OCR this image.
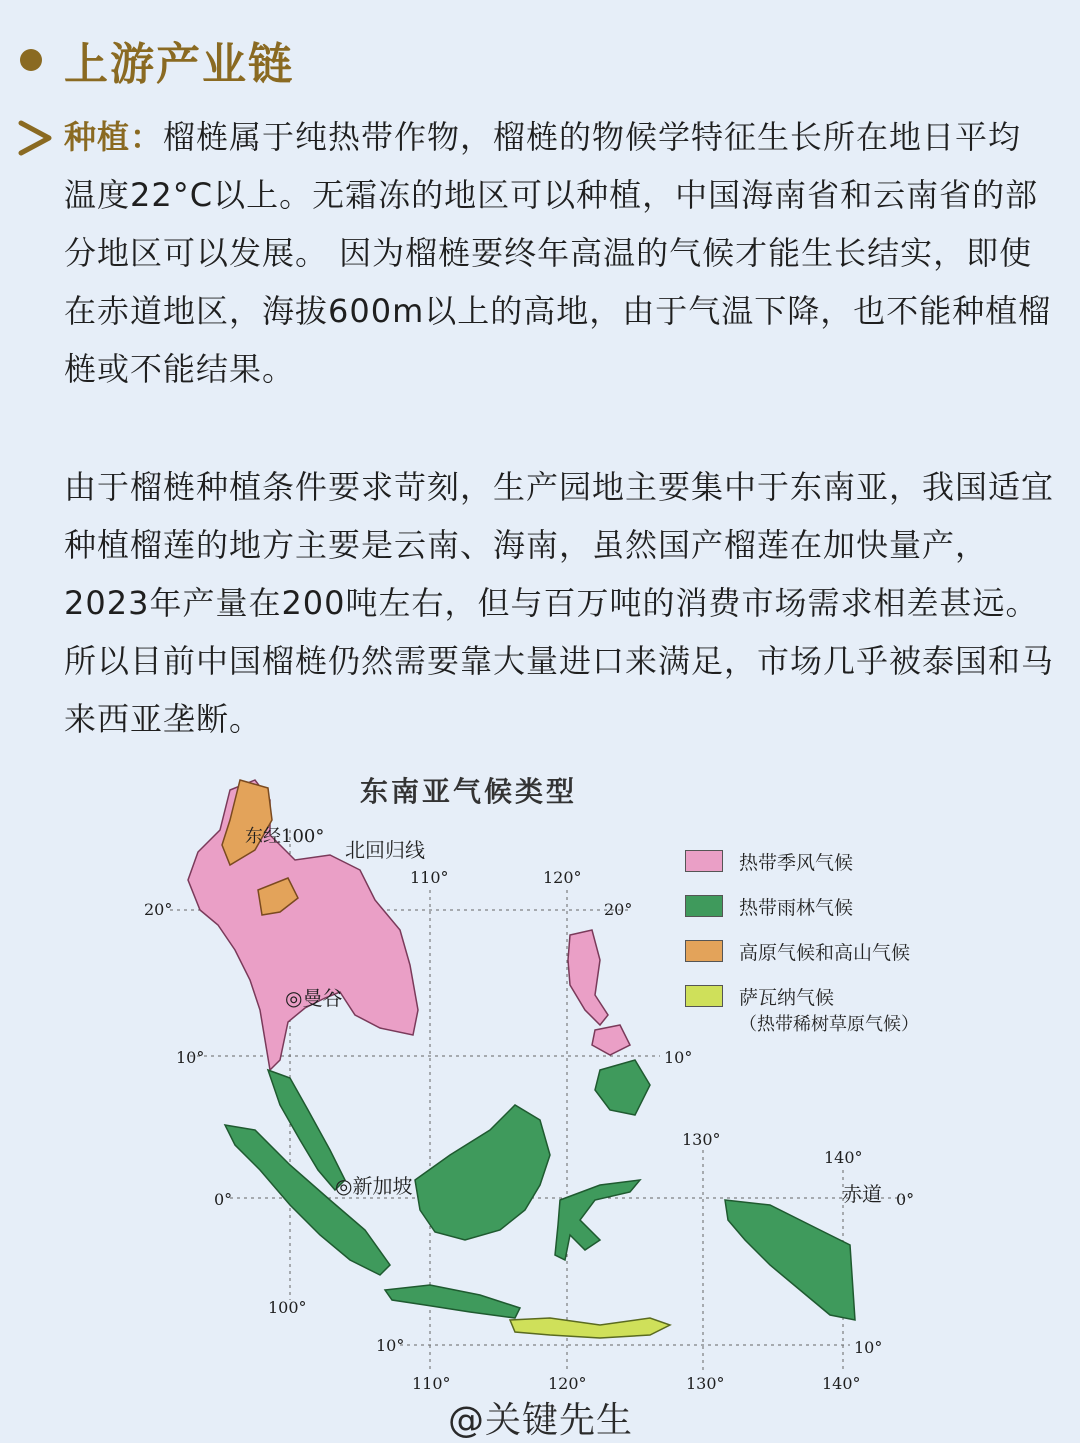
上游产业链

种植：榴梿属于纯热带作物，榴梿的物候学特征生长所在地日平均温度22°C以上。无霜冻的地区可以种植，中国海南省和云南省的部分地区可以发展。 因为榴梿要终年高温的气候才能生长结实，即使在赤道地区，海拔600m以上的高地，由于气温下降，也不能种植榴梿或不能结果。

由于榴梿种植条件要求苛刻，生产园地主要集中于东南亚，我国适宜种植榴莲的地方主要是云南、海南，虽然国产榴莲在加快量产，2023年产量在200吨左右，但与百万吨的消费市场需求相差甚远。所以目前中国榴梿仍然需要靠大量进口来满足，市场几乎被泰国和马来西亚垄断。

东南亚气候类型
东经100°
北回归线
◎曼谷
◎新加坡	赤道
20°	20°
10°	10°
0°	0°
10°	10°
110°	120°
130°
140°
100°
110°	120°	130°	140°
热带季风气候
热带雨林气候
高原气候和高山气候
萨瓦纳气候
（热带稀树草原气候）
@关键先生
